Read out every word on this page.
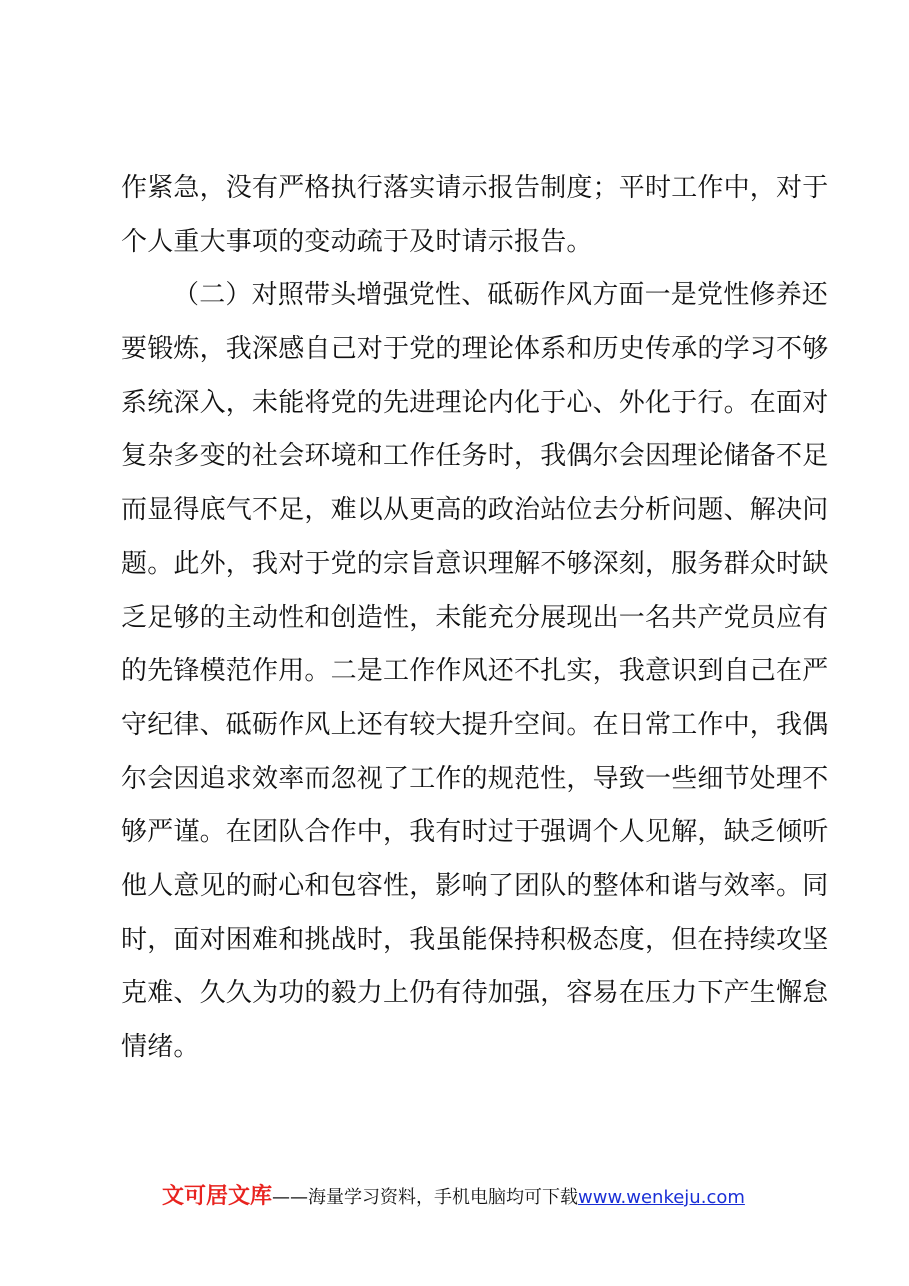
作紧急，没有严格执行落实请示报告制度；平时工作中，对于
个人重大事项的变动疏于及时请示报告。
（二）对照带头增强党性、砥砺作风方面一是党性修养还
要锻炼，我深感自己对于党的理论体系和历史传承的学习不够
系统深入，未能将党的先进理论内化于心、外化于行。在面对
复杂多变的社会环境和工作任务时，我偶尔会因理论储备不足
而显得底气不足，难以从更高的政治站位去分析问题、解决问
题。此外，我对于党的宗旨意识理解不够深刻，服务群众时缺
乏足够的主动性和创造性，未能充分展现出一名共产党员应有
的先锋模范作用。二是工作作风还不扎实，我意识到自己在严
守纪律、砥砺作风上还有较大提升空间。在日常工作中，我偶
尔会因追求效率而忽视了工作的规范性，导致一些细节处理不
够严谨。在团队合作中，我有时过于强调个人见解，缺乏倾听
他人意见的耐心和包容性，影响了团队的整体和谐与效率。同
时，面对困难和挑战时，我虽能保持积极态度，但在持续攻坚
克难、久久为功的毅力上仍有待加强，容易在压力下产生懈怠
情绪。
文可居文库——海量学习资料，手机电脑均可下载www.wenkeju.com
